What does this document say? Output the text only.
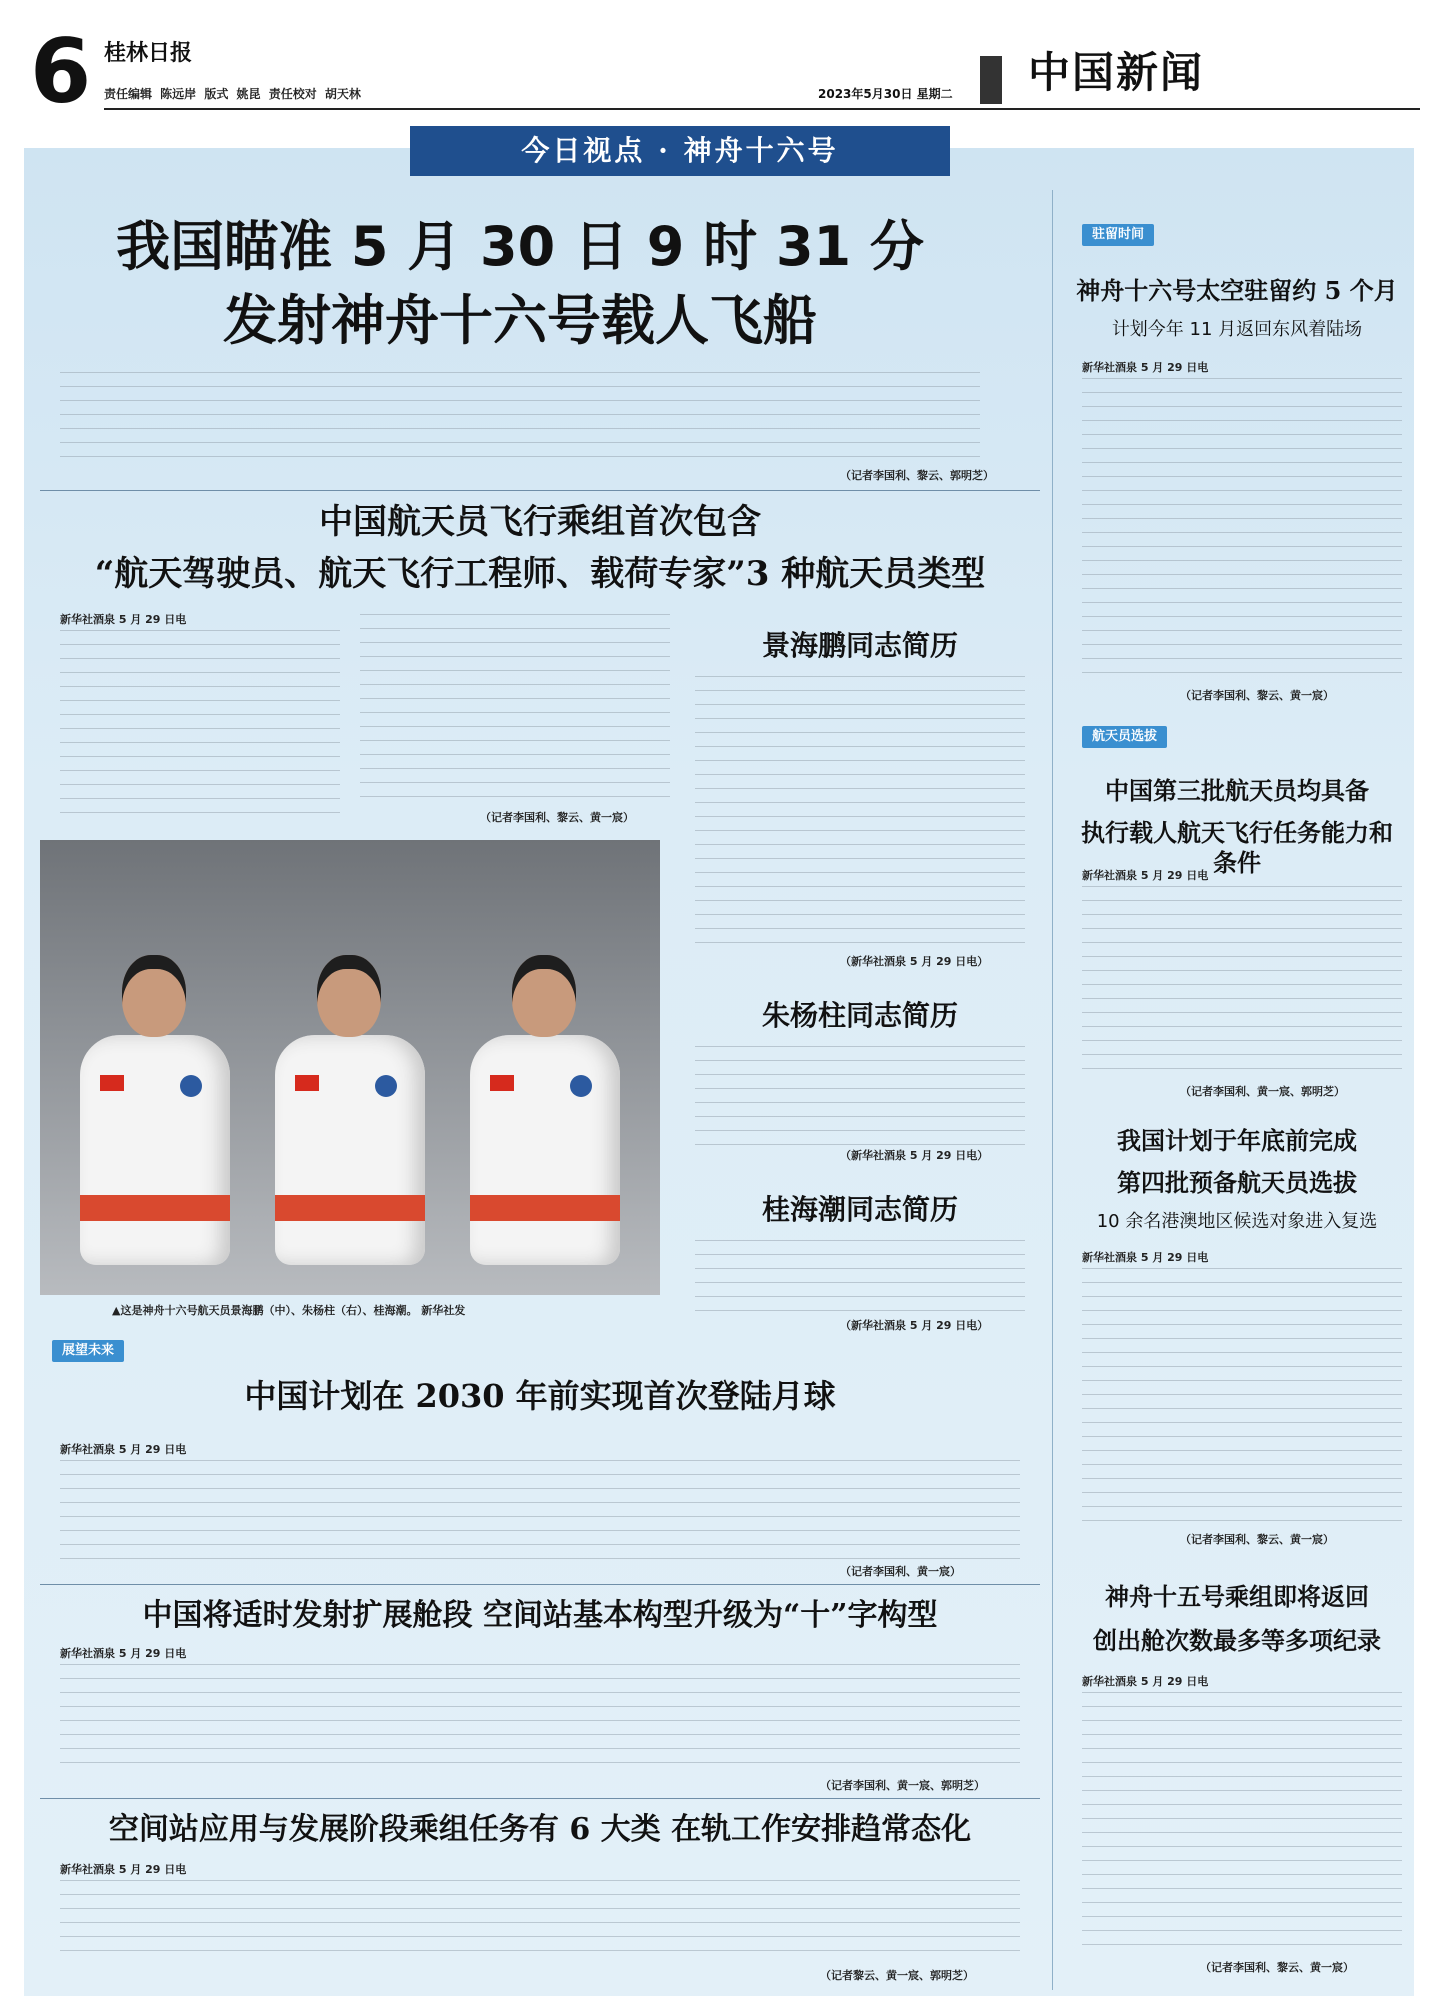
6 桂林日报
责任编辑 陈远岸 版式 姚昆 责任校对 胡天林	2023年5月30日 星期二 中国新闻
今日视点 · 神舟十六号
我国瞄准 5 月 30 日 9 时 31 分
发射神舟十六号载人飞船
（记者李国利、黎云、郭明芝）
中国航天员飞行乘组首次包含
“航天驾驶员、航天飞行工程师、载荷专家”3 种航天员类型
新华社酒泉 5 月 29 日电
（记者李国利、黎云、黄一宸）
景海鹏同志简历
（新华社酒泉 5 月 29 日电）
朱杨柱同志简历
（新华社酒泉 5 月 29 日电）
桂海潮同志简历
（新华社酒泉 5 月 29 日电）
▲这是神舟十六号航天员景海鹏（中）、朱杨柱（右）、桂海潮。 新华社发
展望未来
中国计划在 2030 年前实现首次登陆月球
新华社酒泉 5 月 29 日电
（记者李国利、黄一宸）
中国将适时发射扩展舱段 空间站基本构型升级为“十”字构型
新华社酒泉 5 月 29 日电
（记者李国利、黄一宸、郭明芝）
空间站应用与发展阶段乘组任务有 6 大类 在轨工作安排趋常态化
新华社酒泉 5 月 29 日电
（记者黎云、黄一宸、郭明芝）
驻留时间
神舟十六号太空驻留约 5 个月
计划今年 11 月返回东风着陆场
新华社酒泉 5 月 29 日电
（记者李国利、黎云、黄一宸）
航天员选拔
中国第三批航天员均具备
执行载人航天飞行任务能力和条件
新华社酒泉 5 月 29 日电
（记者李国利、黄一宸、郭明芝）
我国计划于年底前完成
第四批预备航天员选拔
10 余名港澳地区候选对象进入复选
新华社酒泉 5 月 29 日电
（记者李国利、黎云、黄一宸）
神舟十五号乘组即将返回
创出舱次数最多等多项纪录
新华社酒泉 5 月 29 日电
（记者李国利、黎云、黄一宸）
